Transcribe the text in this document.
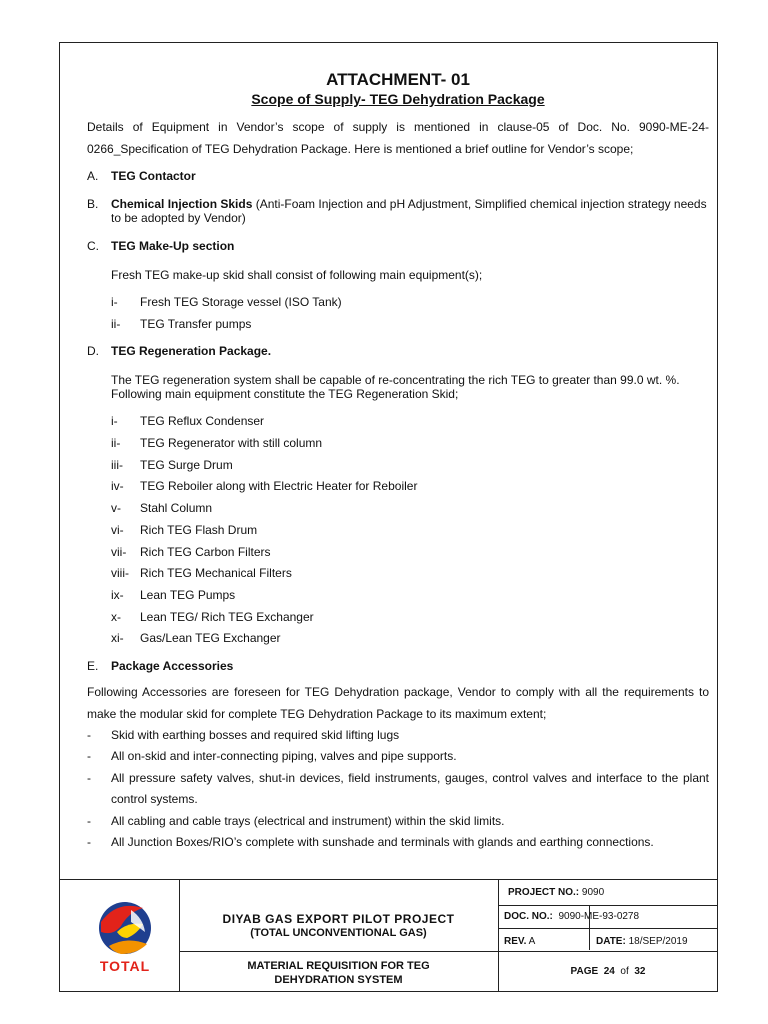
ATTACHMENT- 01

Scope of Supply- TEG Dehydration Package

Details of Equipment in Vendor’s scope of supply is mentioned in clause-05 of Doc. No. 9090-ME-24-0266_Specification of TEG Dehydration Package. Here is mentioned a brief outline for Vendor’s scope;
A.	TEG Contactor
B.	Chemical Injection Skids (Anti-Foam Injection and pH Adjustment, Simplified chemical injection strategy needs to be adopted by Vendor)
C.	TEG Make-Up section
Fresh TEG make-up skid shall consist of following main equipment(s);
i-	Fresh TEG Storage vessel (ISO Tank)
ii-	TEG Transfer pumps
D.	TEG Regeneration Package.
The TEG regeneration system shall be capable of re-concentrating the rich TEG to greater than 99.0 wt. %. Following main equipment constitute the TEG Regeneration Skid;
i-	TEG Reflux Condenser
ii-	TEG Regenerator with still column
iii-	TEG Surge Drum
iv-	TEG Reboiler along with Electric Heater for Reboiler
v-	Stahl Column
vi-	Rich TEG Flash Drum
vii-	Rich TEG Carbon Filters
viii- Rich TEG Mechanical Filters
ix-	Lean TEG Pumps
x-	Lean TEG/ Rich TEG Exchanger
xi-	Gas/Lean TEG Exchanger
E.	Package Accessories
Following Accessories are foreseen for TEG Dehydration package, Vendor to comply with all the requirements to make the modular skid for complete TEG Dehydration Package to its maximum extent;
-	Skid with earthing bosses and required skid lifting lugs
-	All on-skid and inter-connecting piping, valves and pipe supports.
-	All pressure safety valves, shut-in devices, field instruments, gauges, control valves and interface to the plant control systems.
-	All cabling and cable trays (electrical and instrument) within the skid limits.
-	All Junction Boxes/RIO’s complete with sunshade and terminals with glands and earthing connections.
TOTAL
DIYAB GAS EXPORT PILOT PROJECT
(TOTAL UNCONVENTIONAL GAS)
MATERIAL REQUISITION FOR TEG
DEHYDRATION SYSTEM
PROJECT NO.: 9090
DOC. NO.: 9090-ME-93-0278
REV. A	DATE: 18/SEP/2019
PAGE 24 of 32
